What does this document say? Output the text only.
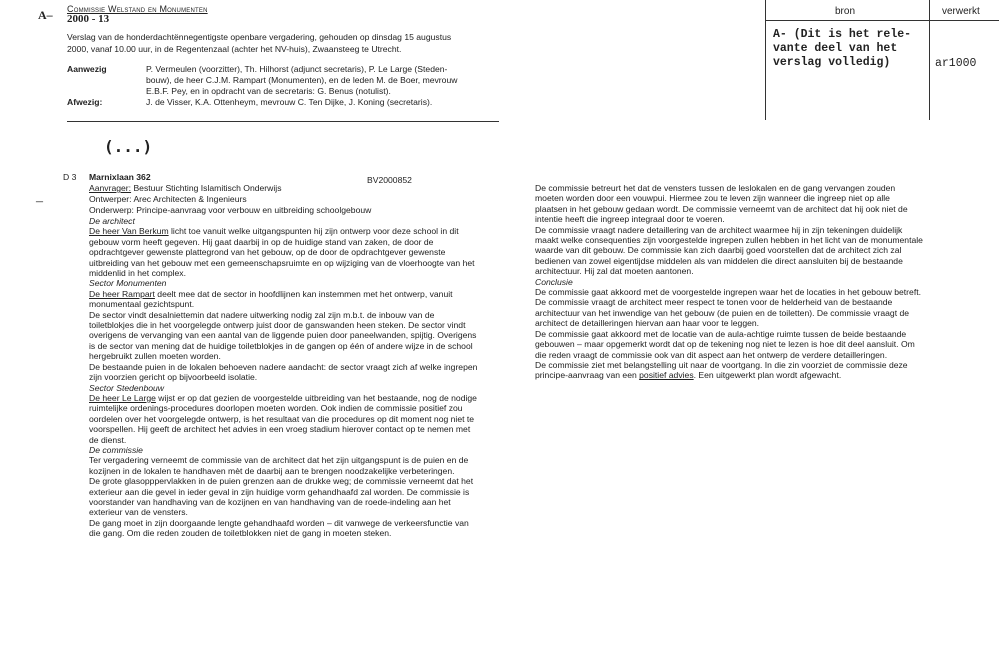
A–
–
Commissie Welstand en Monumenten
2000 - 13
Verslag van de honderdachtënnegentigste openbare vergadering, gehouden op dinsdag 15 augustus
2000, vanaf 10.00 uur, in de Regentenzaal (achter het NV-huis), Zwaansteeg te Utrecht.
Aanwezig	P. Vermeulen (voorzitter), Th. Hilhorst (adjunct secretaris), P. Le Large (Steden-
bouw), de heer C.J.M. Rampart (Monumenten), en de leden M. de Boer, mevrouw
E.B.F. Pey, en in opdracht van de secretaris: G. Benus (notulist).
Afwezig:	J. de Visser, K.A. Ottenheym, mevrouw C. Ten Dijke, J. Koning (secretaris).
(...)
bron	verwerkt
A- (Dit is het rele-
vante deel van het
verslag volledig)	ar1000
D 3 Marnixlaan 362	BV2000852
Aanvrager: Bestuur Stichting Islamitisch Onderwijs
Ontwerper: Arec Architecten & Ingenieurs
Onderwerp: Principe-aanvraag voor verbouw en uitbreiding schoolgebouw
De architect
De heer Van Berkum licht toe vanuit welke uitgangspunten hij zijn ontwerp voor deze school in dit
gebouw vorm heeft gegeven. Hij gaat daarbij in op de huidige stand van zaken, de door de
opdrachtgever gewenste plattegrond van het gebouw, op de door de opdrachtgever gewenste
uitbreiding van het gebouw met een gemeenschapsruimte en op wijziging van de vloerhoogte van het
middenlid in het complex.
Sector Monumenten
De heer Rampart deelt mee dat de sector in hoofdlijnen kan instemmen met het ontwerp, vanuit
monumentaal gezichtspunt.
De sector vindt desalniettemin dat nadere uitwerking nodig zal zijn m.b.t. de inbouw van de
toiletblokjes die in het voorgelegde ontwerp juist door de ganswanden heen steken. De sector vindt
overigens de vervanging van een aantal van de liggende puien door paneelwanden, spijtig. Overigens
is de sector van mening dat de huidige toiletblokjes in de gangen op één of andere wijze in de school
hergebruikt zullen moeten worden.
De bestaande puien in de lokalen behoeven nadere aandacht: de sector vraagt zich af welke ingrepen
zijn voorzien gericht op bijvoorbeeld isolatie.
Sector Stedenbouw
De heer Le Large wijst er op dat gezien de voorgestelde uitbreiding van het bestaande, nog de nodige
ruimtelijke ordenings-procedures doorlopen moeten worden. Ook indien de commissie positief zou
oordelen over het voorgelegde ontwerp, is het resultaat van die procedures op dit moment nog niet te
voorspellen. Hij geeft de architect het advies in een vroeg stadium hierover contact op te nemen met
de dienst.
De commissie
Ter vergadering verneemt de commissie van de architect dat het zijn uitgangspunt is de puien en de
kozijnen in de lokalen te handhaven mèt de daarbij aan te brengen noodzakelijke verbeteringen.
De grote glasopppervlakken in de puien grenzen aan de drukke weg; de commissie verneemt dat het
exterieur aan die gevel in ieder geval in zijn huidige vorm gehandhaafd zal worden. De commissie is
voorstander van handhaving van de kozijnen en van handhaving van de roede-indeling aan het
exterieur van de vensters.
De gang moet in zijn doorgaande lengte gehandhaafd worden – dit vanwege de verkeersfunctie van
die gang. Om die reden zouden de toiletblokken niet de gang in moeten steken.
De commissie betreurt het dat de vensters tussen de leslokalen en de gang vervangen zouden
moeten worden door een vouwpui. Hiermee zou te leven zijn wanneer die ingreep niet op alle
plaatsen in het gebouw gedaan wordt. De commissie verneemt van de architect dat hij ook niet de
intentie heeft die ingreep integraal door te voeren.
De commissie vraagt nadere detaillering van de architect waarmee hij in zijn tekeningen duidelijk
maakt welke consequenties zijn voorgestelde ingrepen zullen hebben in het licht van de monumentale
waarde van dit gebouw. De commissie kan zich daarbij goed voorstellen dat de architect zich zal
bedienen van zowel eigentijdse middelen als van middelen die direct aansluiten bij de bestaande
architectuur. Hij zal dat moeten aantonen.
Conclusie
De commissie gaat akkoord met de voorgestelde ingrepen waar het de locaties in het gebouw betreft.
De commissie vraagt de architect meer respect te tonen voor de helderheid van de bestaande
architectuur van het inwendige van het gebouw (de puien en de toiletten). De commissie vraagt de
architect de detailleringen hiervan aan haar voor te leggen.
De commissie gaat akkoord met de locatie van de aula-achtige ruimte tussen de beide bestaande
gebouwen – maar opgemerkt wordt dat op de tekening nog niet te lezen is hoe dit deel aansluit. Om
die reden vraagt de commissie ook van dit aspect aan het ontwerp de verdere detailleringen.
De commissie ziet met belangstelling uit naar de voortgang. In die zin voorziet de commissie deze
principe-aanvraag van een positief advies. Een uitgewerkt plan wordt afgewacht.
